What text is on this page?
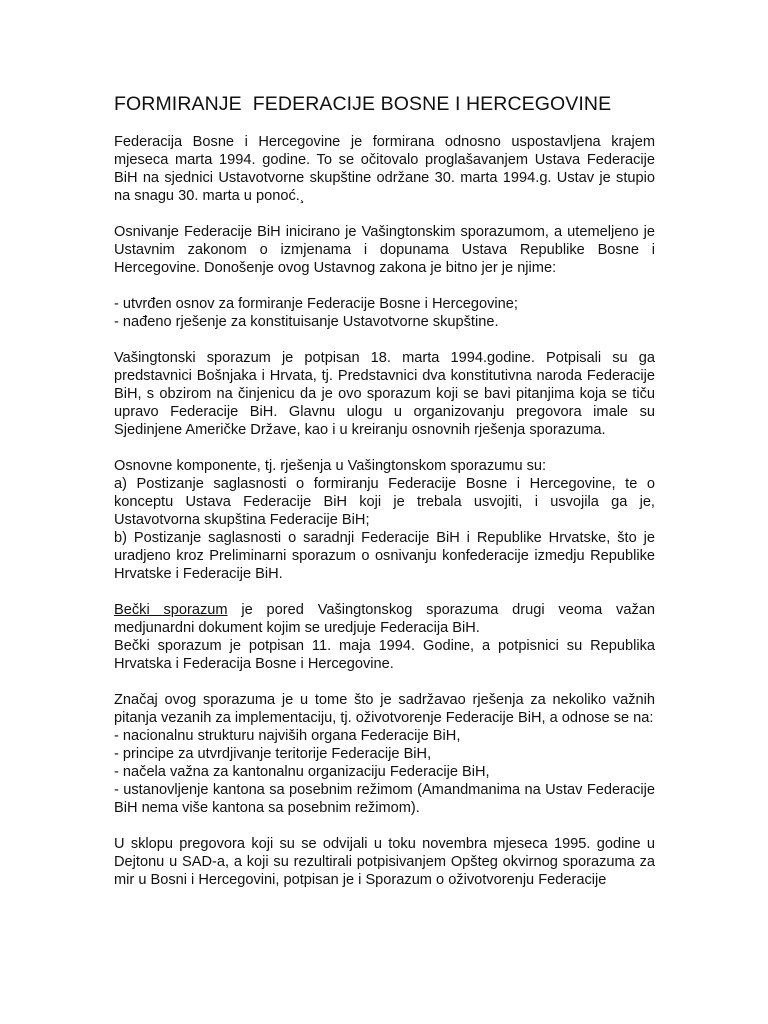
FORMIRANJE  FEDERACIJE BOSNE I HERCEGOVINE

Federacija Bosne i Hercegovine je formirana odnosno uspostavljena krajem mjeseca marta 1994. godine. To se očitovalo proglašavanjem Ustava Federacije BiH na sjednici Ustavotvorne skupštine održane 30. marta 1994.g. Ustav je stupio na snagu 30. marta u ponoć.¸

Osnivanje Federacije BiH inicirano je Vašingtonskim sporazumom, a utemeljeno je Ustavnim zakonom o izmjenama i dopunama Ustava Republike Bosne i Hercegovine. Donošenje ovog Ustavnog zakona je bitno jer je njime:

- utvrđen osnov za formiranje Federacije Bosne i Hercegovine;
- nađeno rješenje za konstituisanje Ustavotvorne skupštine.

Vašingtonski sporazum je potpisan 18. marta 1994.godine. Potpisali su ga predstavnici Bošnjaka i Hrvata, tj. Predstavnici dva konstitutivna naroda Federacije BiH, s obzirom na činjenicu da je ovo sporazum koji se bavi pitanjima koja se tiču upravo Federacije BiH. Glavnu ulogu u organizovanju pregovora imale su Sjedinjene Američke Države, kao i u kreiranju osnovnih rješenja sporazuma.

Osnovne komponente, tj. rješenja u Vašingtonskom sporazumu su:
a) Postizanje saglasnosti o formiranju Federacije Bosne i Hercegovine, te o konceptu Ustava Federacije BiH koji je trebala usvojiti, i usvojila ga je, Ustavotvorna skupština Federacije BiH;
b) Postizanje saglasnosti o saradnji Federacije BiH i Republike Hrvatske, što je uradjeno kroz Preliminarni sporazum o osnivanju konfederacije izmedju Republike Hrvatske i Federacije BiH.

Bečki sporazum je pored Vašingtonskog sporazuma drugi veoma važan medjunardni dokument kojim se uredjuje Federacija BiH.
Bečki sporazum je potpisan 11. maja 1994. Godine, a potpisnici su Republika Hrvatska i Federacija Bosne i Hercegovine.

Značaj ovog sporazuma je u tome što je sadržavao rješenja za nekoliko važnih pitanja vezanih za implementaciju, tj. oživotvorenje Federacije BiH, a odnose se na:

- nacionalnu strukturu najviših organa Federacije BiH,
- principe za utvrdjivanje teritorije Federacije BiH,
- načela važna za kantonalnu organizaciju Federacije BiH,
- ustanovljenje kantona sa posebnim režimom (Amandmanima na Ustav Federacije BiH nema više kantona sa posebnim režimom).

U sklopu pregovora koji su se odvijali u toku novembra mjeseca 1995. godine u Dejtonu u SAD-a, a koji su rezultirali potpisivanjem Opšteg okvirnog sporazuma za mir u Bosni i Hercegovini, potpisan je i Sporazum o oživotvorenju Federacije
